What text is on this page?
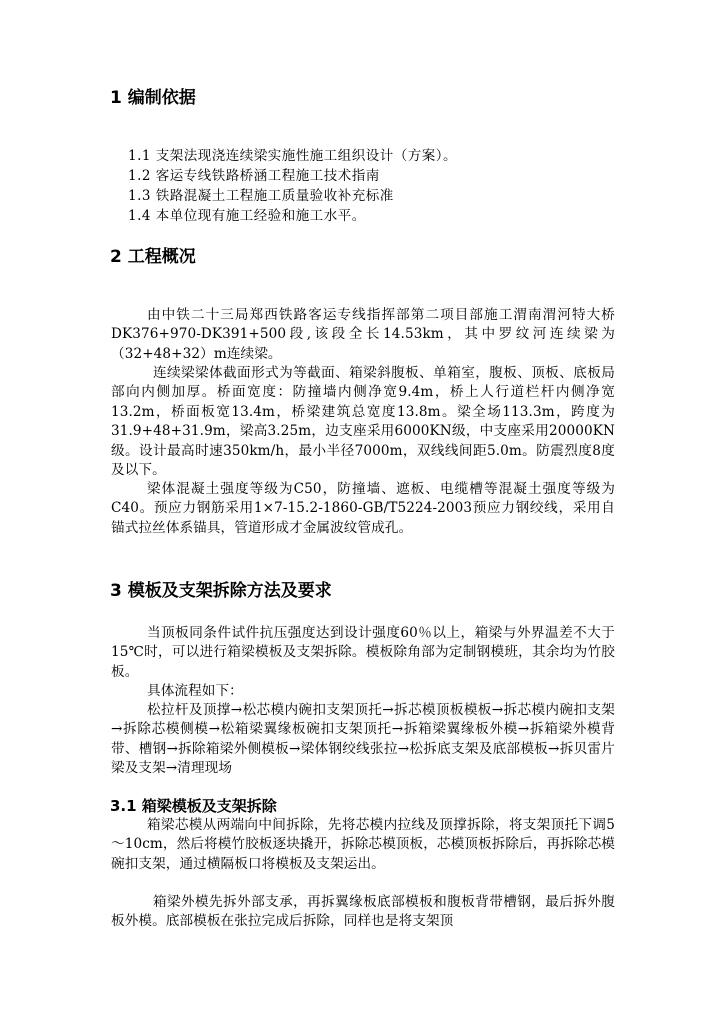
1 编制依据
1.1 支架法现浇连续梁实施性施工组织设计（方案）。
1.2 客运专线铁路桥涵工程施工技术指南
1.3 铁路混凝土工程施工质量验收补充标准
1.4 本单位现有施工经验和施工水平。
2 工程概况
由中铁二十三局郑西铁路客运专线指挥部第二项目部施工渭南渭河特大桥DK376+970-DK391+500段,该段全长14.53km，其中罗纹河连续梁为（32+48+32）m连续梁。
连续梁梁体截面形式为等截面、箱梁斜腹板、单箱室，腹板、顶板、底板局部向内侧加厚。桥面宽度：防撞墙内侧净宽9.4m，桥上人行道栏杆内侧净宽13.2m，桥面板宽13.4m，桥梁建筑总宽度13.8m。梁全场113.3m，跨度为31.9+48+31.9m，梁高3.25m，边支座采用6000KN级，中支座采用20000KN级。设计最高时速350km/h，最小半径7000m，双线线间距5.0m。防震烈度8度及以下。
梁体混凝土强度等级为C50，防撞墙、遮板、电缆槽等混凝土强度等级为C40。预应力钢筋采用1×7-15.2-1860-GB/T5224-2003预应力钢绞线，采用自锚式拉丝体系锚具，管道形成才金属波纹管成孔。
3 模板及支架拆除方法及要求
当顶板同条件试件抗压强度达到设计强度60％以上，箱梁与外界温差不大于15℃时，可以进行箱梁模板及支架拆除。模板除角部为定制钢模班，其余均为竹胶板。
具体流程如下：
松拉杆及顶撑→松芯模内碗扣支架顶托→拆芯模顶板模板→拆芯模内碗扣支架→拆除芯模侧模→松箱梁翼缘板碗扣支架顶托→拆箱梁翼缘板外模→拆箱梁外模背带、槽钢→拆除箱梁外侧模板→梁体钢绞线张拉→松拆底支架及底部模板→拆贝雷片梁及支架→清理现场
3.1 箱梁模板及支架拆除
箱梁芯模从两端向中间拆除，先将芯模内拉线及顶撑拆除，将支架顶托下调5～10cm，然后将模竹胶板逐块撬开，拆除芯模顶板，芯模顶板拆除后，再拆除芯模碗扣支架，通过横隔板口将模板及支架运出。
箱梁外模先拆外部支承，再拆翼缘板底部模板和腹板背带槽钢，最后拆外腹板外模。底部模板在张拉完成后拆除，同样也是将支架顶
